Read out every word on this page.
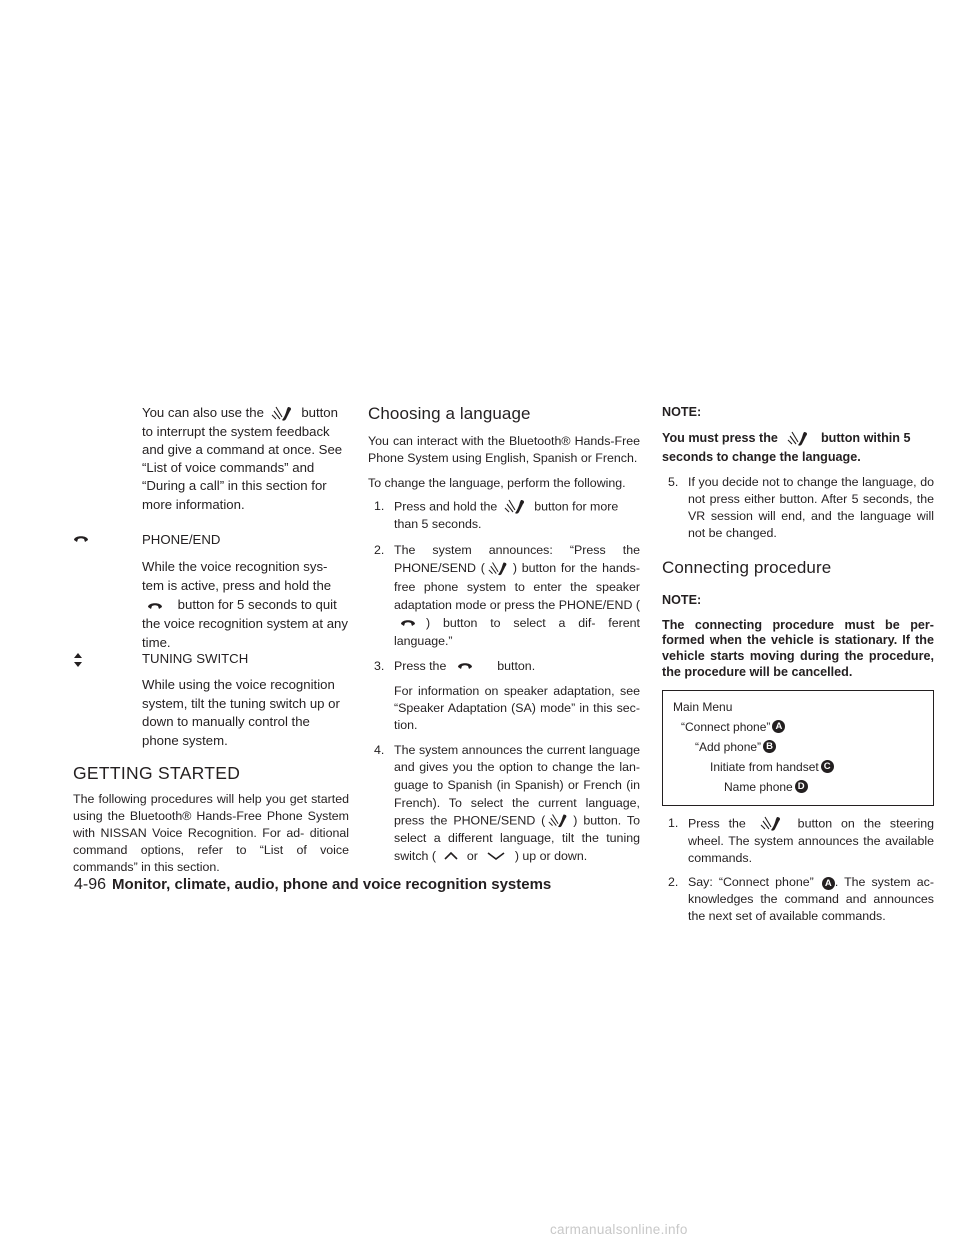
You can also use the	button to interrupt the system feedback and give a command at once. See “List of voice commands” and “During a call” in this section for more information.

PHONE/END

While the voice recognition sys- tem is active, press and hold the  button for 5 seconds to quit the voice recognition system at any time.

TUNING SWITCH

While using the voice recognition system, tilt the tuning switch up or down to manually control the phone system.

GETTING STARTED

The following procedures will help you get started using the Bluetooth® Hands-Free Phone System with NISSAN Voice Recognition. For ad- ditional command options, refer to “List of voice commands” in this section.

Choosing a language

You can interact with the Bluetooth® Hands-Free Phone System using English, Spanish or French.

To change the language, perform the following.

1. Press and hold the	button for more than 5 seconds.
2. The system announces: “Press the PHONE/SEND ( ) button for the hands-free phone system to enter the speaker adaptation mode or press the PHONE/END () button to select a dif- ferent language.”
3. Press the	button.

For information on speaker adaptation, see “Speaker Adaptation (SA) mode” in this sec- tion.

4. The system announces the current language and gives you the option to change the lan- guage to Spanish (in Spanish) or French (in French). To select the current language, press the PHONE/SEND ( ) button. To select a different language, tilt the tuning switch ( or	) up or down.

NOTE:

You must press the	button within 5 seconds to change the language.

5. If you decide not to change the language, do not press either button. After 5 seconds, the VR session will end, and the language will not be changed.
Connecting procedure

NOTE:

The connecting procedure must be per- formed when the vehicle is stationary. If the vehicle starts moving during the procedure, the procedure will be cancelled.

Main Menu
“Connect phone” A
“Add phone” B
Initiate from handset C
Name phone D
1. Press the	button on the steering wheel. The system announces the available commands.
2. Say: “Connect phone” A . The system ac- knowledges the command and announces the next set of available commands.
4-96 Monitor, climate, audio, phone and voice recognition systems
carmanualsonline.info
